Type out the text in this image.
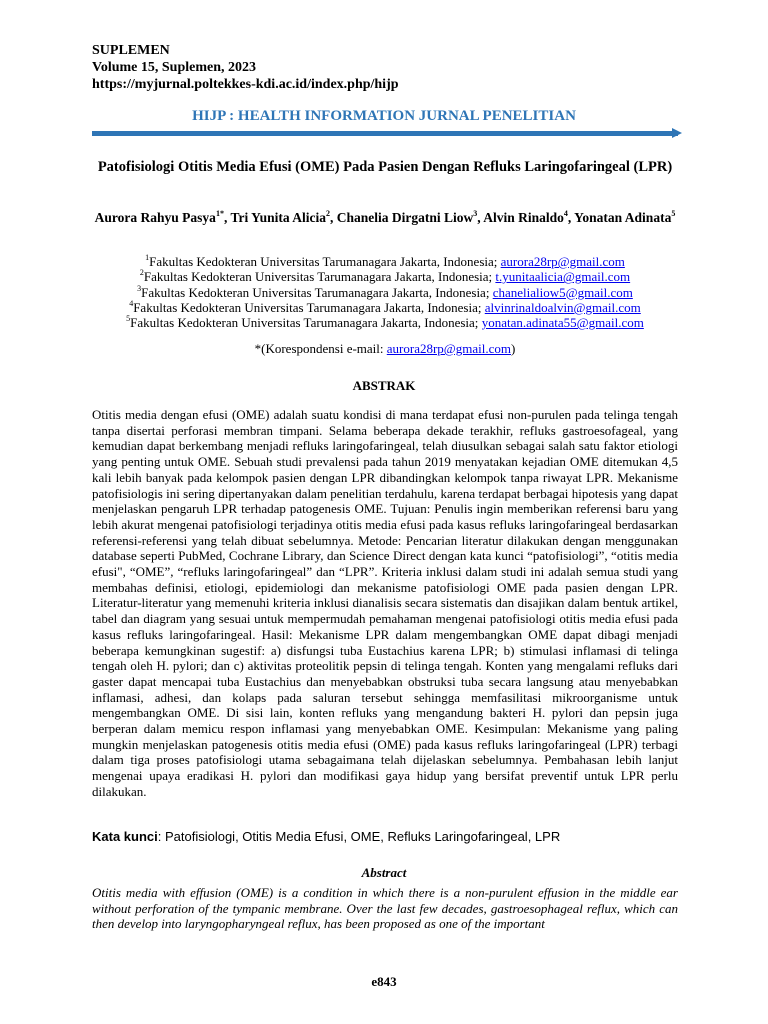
SUPLEMEN
Volume 15, Suplemen, 2023
https://myjurnal.poltekkes-kdi.ac.id/index.php/hijp
HIJP : HEALTH INFORMATION JURNAL PENELITIAN
Patofisiologi Otitis Media Efusi (OME) Pada Pasien Dengan Refluks Laringofaringeal (LPR)
Aurora Rahyu Pasya$^{1*}$, Tri Yunita Alicia$^2$, Chanelia Dirgatni Liow$^3$, Alvin Rinaldo$^4$, Yonatan Adinata$^5$
$^1$Fakultas Kedokteran Universitas Tarumanagara Jakarta, Indonesia; aurora28rp@gmail.com
$^2$Fakultas Kedokteran Universitas Tarumanagara Jakarta, Indonesia; t.yunitaalicia@gmail.com
$^3$Fakultas Kedokteran Universitas Tarumanagara Jakarta, Indonesia; chanelialiow5@gmail.com
$^4$Fakultas Kedokteran Universitas Tarumanagara Jakarta, Indonesia; alvinrinaldoalvin@gmail.com
$^5$Fakultas Kedokteran Universitas Tarumanagara Jakarta, Indonesia; yonatan.adinata55@gmail.com
*(Korespondensi e-mail: aurora28rp@gmail.com)
ABSTRAK

Otitis media dengan efusi (OME) adalah suatu kondisi di mana terdapat efusi non-purulen pada telinga tengah tanpa disertai perforasi membran timpani. Selama beberapa dekade terakhir, refluks gastroesofageal, yang kemudian dapat berkembang menjadi refluks laringofaringeal, telah diusulkan sebagai salah satu faktor etiologi yang penting untuk OME. Sebuah studi prevalensi pada tahun 2019 menyatakan kejadian OME ditemukan 4,5 kali lebih banyak pada kelompok pasien dengan LPR dibandingkan kelompok tanpa riwayat LPR. Mekanisme patofisiologis ini sering dipertanyakan dalam penelitian terdahulu, karena terdapat berbagai hipotesis yang dapat menjelaskan pengaruh LPR terhadap patogenesis OME. Tujuan: Penulis ingin memberikan referensi baru yang lebih akurat mengenai patofisiologi terjadinya otitis media efusi pada kasus refluks laringofaringeal berdasarkan referensi-referensi yang telah dibuat sebelumnya. Metode: Pencarian literatur dilakukan dengan menggunakan database seperti PubMed, Cochrane Library, dan Science Direct dengan kata kunci “patofisiologi”, “otitis media efusi", “OME”, “refluks laringofaringeal” dan “LPR”. Kriteria inklusi dalam studi ini adalah semua studi yang membahas definisi, etiologi, epidemiologi dan mekanisme patofisiologi OME pada pasien dengan LPR. Literatur-literatur yang memenuhi kriteria inklusi dianalisis secara sistematis dan disajikan dalam bentuk artikel, tabel dan diagram yang sesuai untuk mempermudah pemahaman mengenai patofisiologi otitis media efusi pada kasus refluks laringofaringeal. Hasil: Mekanisme LPR dalam mengembangkan OME dapat dibagi menjadi beberapa kemungkinan sugestif: a) disfungsi tuba Eustachius karena LPR; b) stimulasi inflamasi di telinga tengah oleh H. pylori; dan c) aktivitas proteolitik pepsin di telinga tengah. Konten yang mengalami refluks dari gaster dapat mencapai tuba Eustachius dan menyebabkan obstruksi tuba secara langsung atau menyebabkan inflamasi, adhesi, dan kolaps pada saluran tersebut sehingga memfasilitasi mikroorganisme untuk mengembangkan OME. Di sisi lain, konten refluks yang mengandung bakteri H. pylori dan pepsin juga berperan dalam memicu respon inflamasi yang menyebabkan OME. Kesimpulan: Mekanisme yang paling mungkin menjelaskan patogenesis otitis media efusi (OME) pada kasus refluks laringofaringeal (LPR) terbagi dalam tiga proses patofisiologi utama sebagaimana telah dijelaskan sebelumnya. Pembahasan lebih lanjut mengenai upaya eradikasi H. pylori dan modifikasi gaya hidup yang bersifat preventif untuk LPR perlu dilakukan.

Kata kunci: Patofisiologi, Otitis Media Efusi, OME, Refluks Laringofaringeal, LPR
Abstract

Otitis media with effusion (OME) is a condition in which there is a non-purulent effusion in the middle ear without perforation of the tympanic membrane. Over the last few decades, gastroesophageal reflux, which can then develop into laryngopharyngeal reflux, has been proposed as one of the important

e843
